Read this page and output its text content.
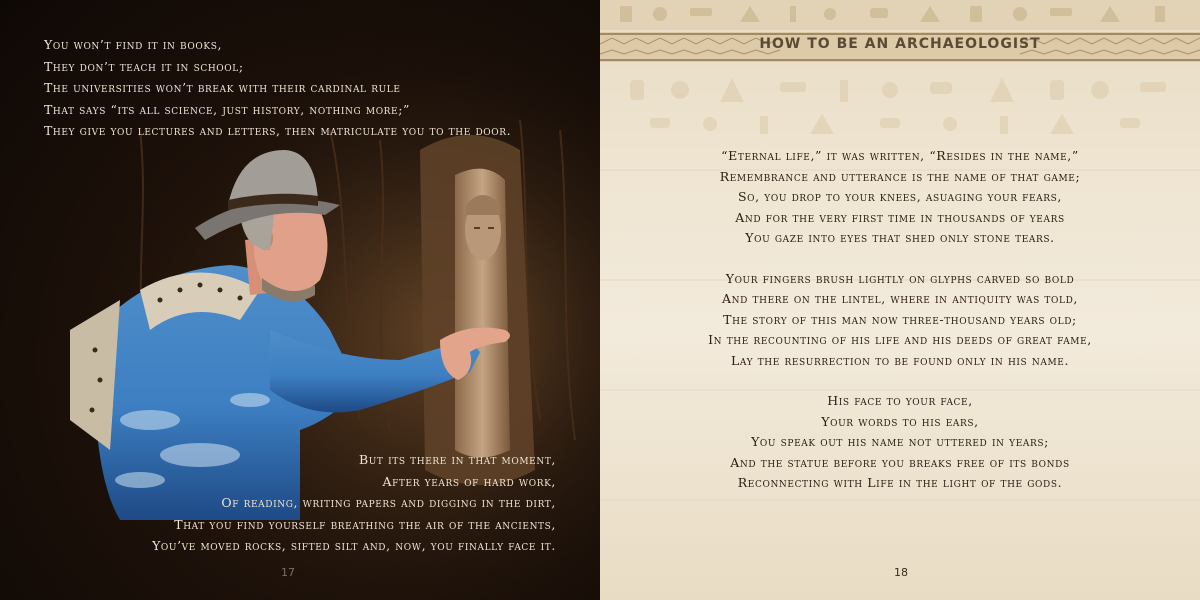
You won’t find it in books,
They don’t teach it in school;
The universities won’t break with their cardinal rule
That says “its all science, just history, nothing more;”
They give you lectures and letters, then matriculate you to the door.
But its there in that moment,
After years of hard work,
Of reading, writing papers and digging in the dirt,
That you find yourself breathing the air of the ancients,
You’ve moved rocks, sifted silt and, now, you finally face it.
17
HOW TO BE AN ARCHAEOLOGIST
“Eternal life,” it was written, “Resides in the name,”
Remembrance and utterance is the name of that game;
So, you drop to your knees, asuaging your fears,
And for the very first time in thousands of years
You gaze into eyes that shed only stone tears.
Your fingers brush lightly on glyphs carved so bold
And there on the lintel, where in antiquity was told,
The story of this man now three-thousand years old;
In the recounting of his life and his deeds of great fame,
Lay the resurrection to be found only in his name.
His face to your face,
Your words to his ears,
You speak out his name not uttered in years;
And the statue before you breaks free of its bonds
Reconnecting with Life in the light of the gods.
18
